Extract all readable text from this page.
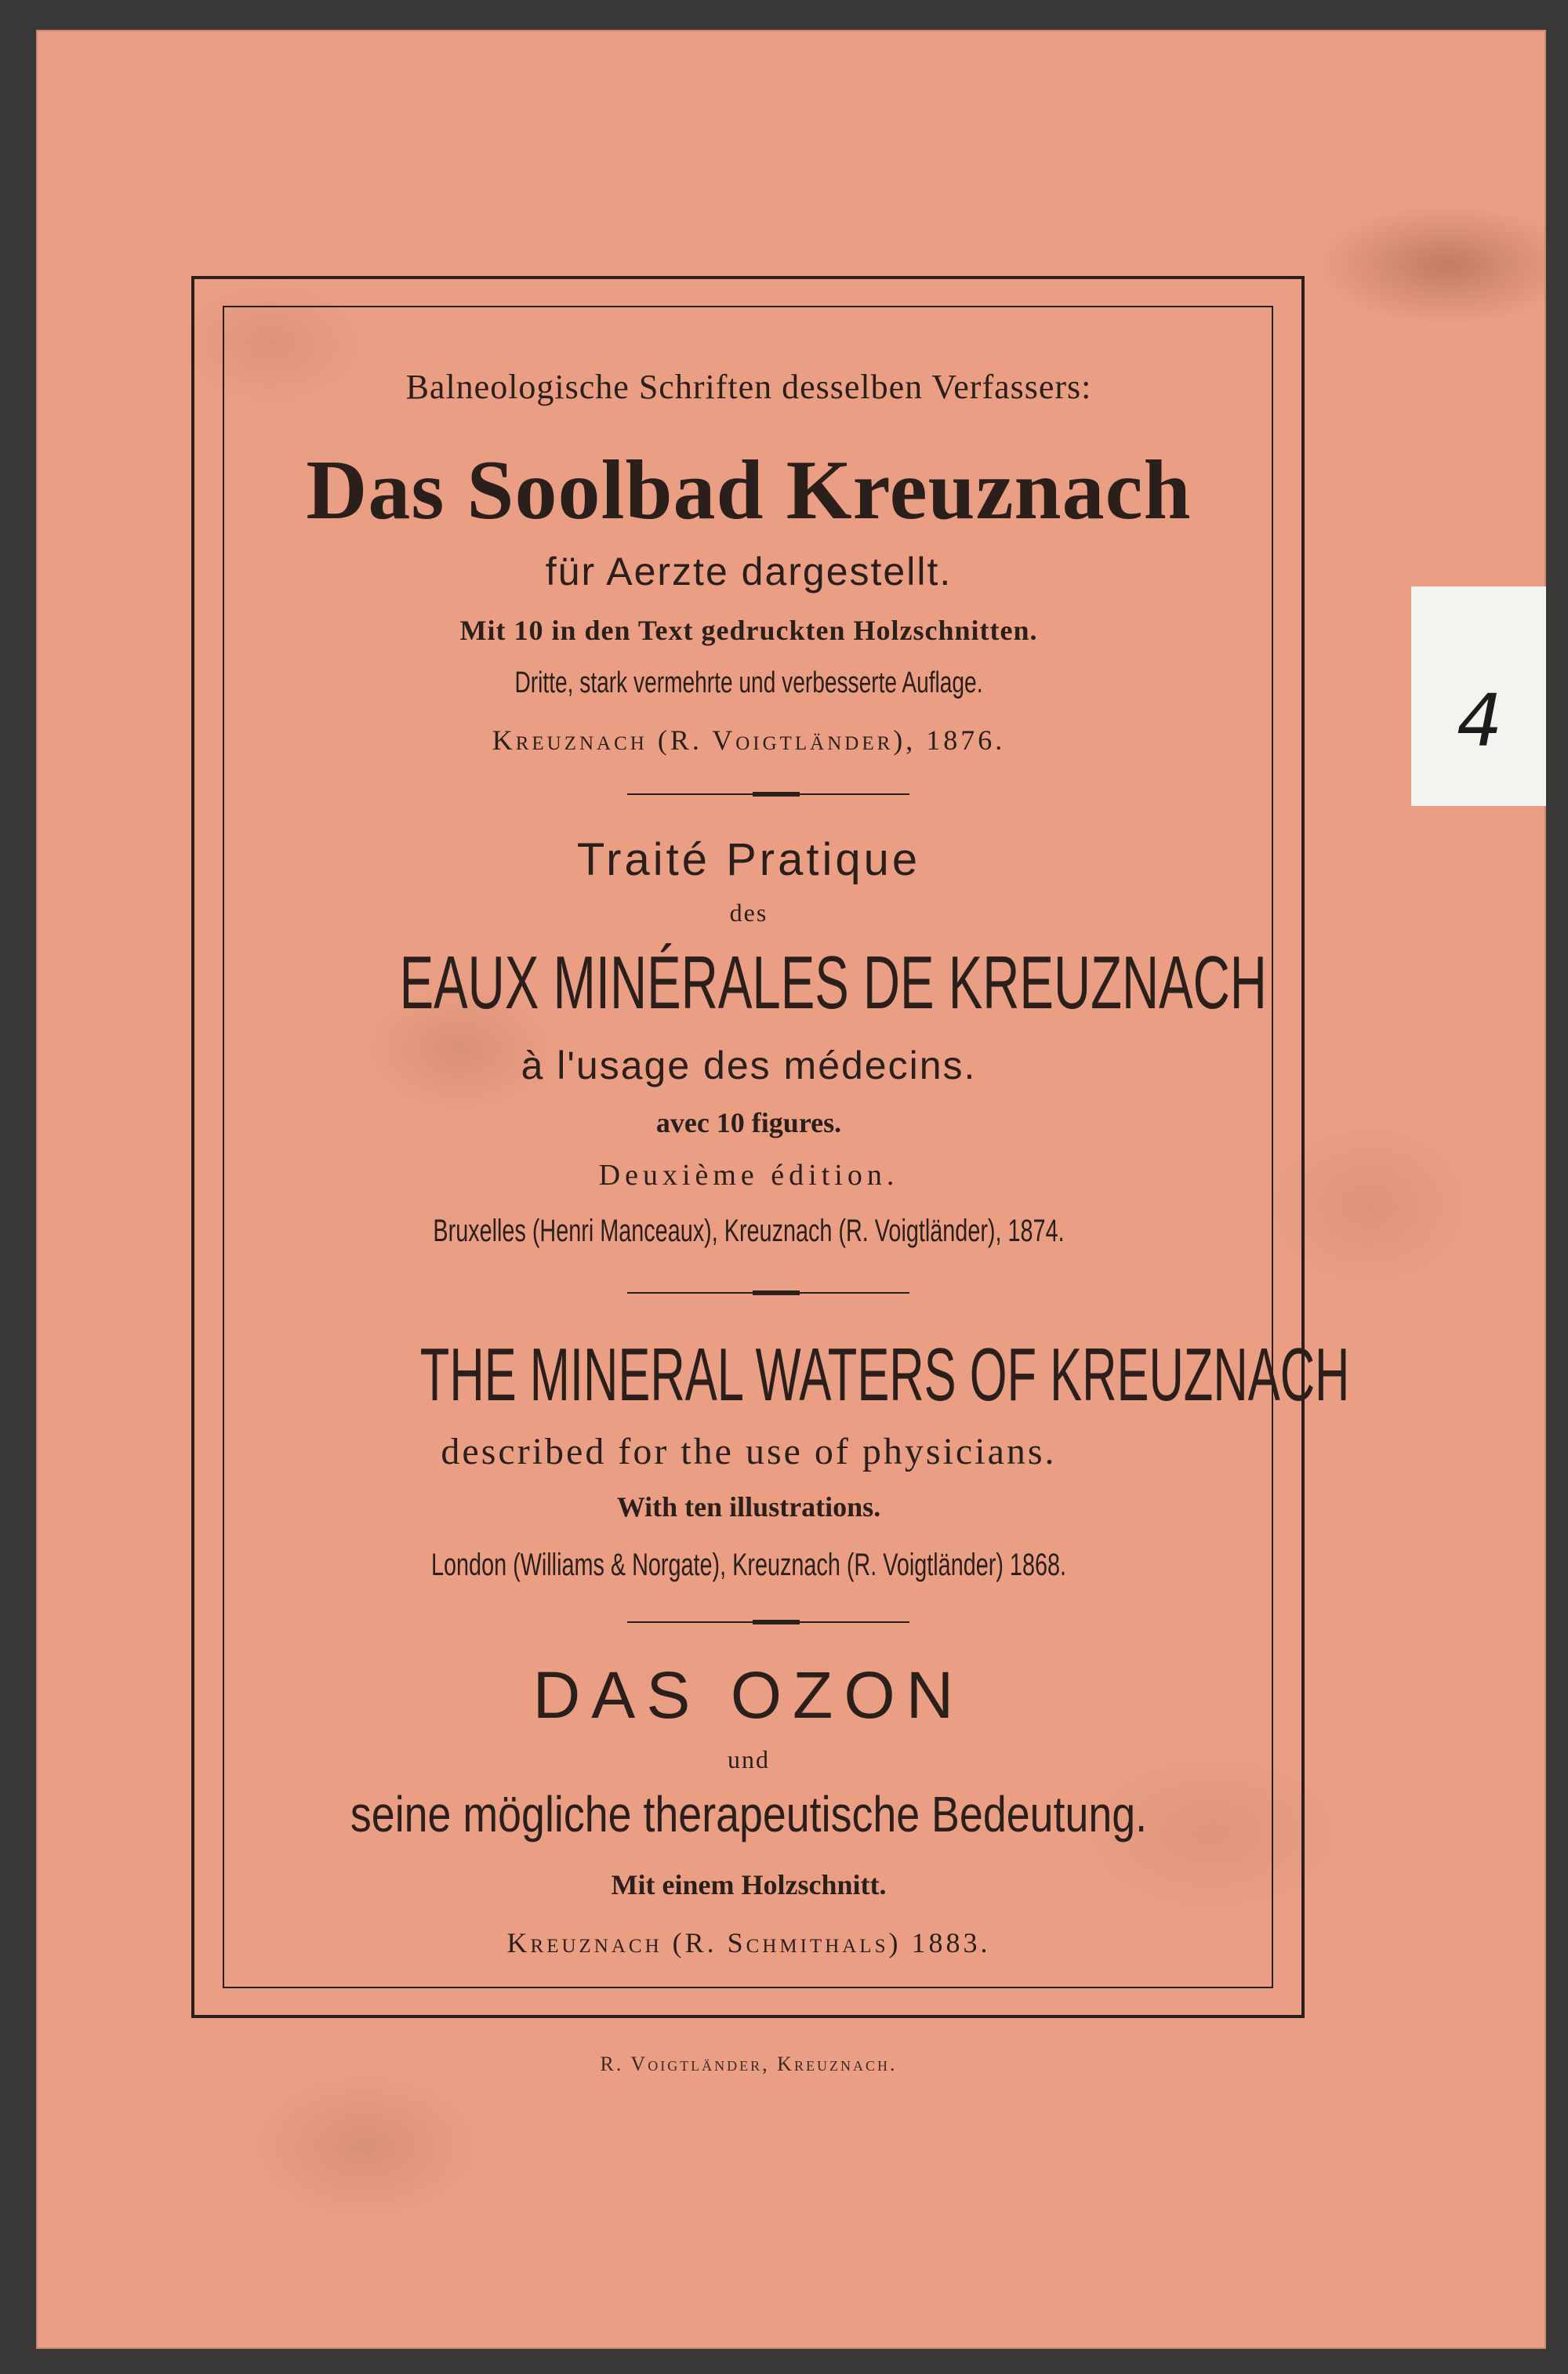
4
Balneologische Schriften desselben Verfassers:
Das Soolbad Kreuznach
für Aerzte dargestellt.
Mit 10 in den Text gedruckten Holzschnitten.
Dritte, stark vermehrte und verbesserte Auflage.
Kreuznach (R. Voigtländer), 1876.
Traité Pratique
des
EAUX MINÉRALES DE KREUZNACH
à l'usage des médecins.
avec 10 figures.
Deuxième édition.
Bruxelles (Henri Manceaux), Kreuznach (R. Voigtländer), 1874.
THE MINERAL WATERS OF KREUZNACH
described for the use of physicians.
With ten illustrations.
London (Williams & Norgate), Kreuznach (R. Voigtländer) 1868.
DAS OZON
und
seine mögliche therapeutische Bedeutung.
Mit einem Holzschnitt.
Kreuznach (R. Schmithals) 1883.
R. Voigtländer, Kreuznach.
